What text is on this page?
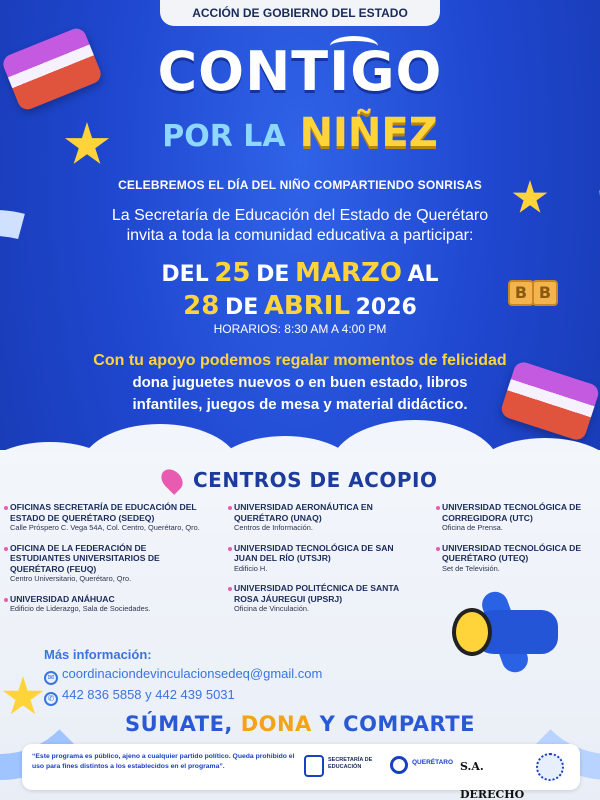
B B
ACCIÓN DE GOBIERNO DEL ESTADO
CONTIGO
POR LA NIÑEZ
CELEBREMOS EL DÍA DEL NIÑO COMPARTIENDO SONRISAS
La Secretaría de Educación del Estado de Querétaro
invita a toda la comunidad educativa a participar:
DEL 25 DE MARZO AL
28 DE ABRIL 2026
HORARIOS: 8:30 AM A 4:00 PM
Con tu apoyo podemos regalar momentos de felicidad
dona juguetes nuevos o en buen estado, libros
infantiles, juegos de mesa y material didáctico.
CENTROS DE ACOPIO
OFICINAS SECRETARÍA DE EDUCACIÓN DEL ESTADO DE QUERÉTARO (SEDEQ)
Calle Próspero C. Vega 54A, Col. Centro, Querétaro, Qro.
OFICINA DE LA FEDERACIÓN DE ESTUDIANTES UNIVERSITARIOS DE QUERÉTARO (FEUQ)
Centro Universitario, Querétaro, Qro.
UNIVERSIDAD ANÁHUAC
Edificio de Liderazgo, Sala de Sociedades.
UNIVERSIDAD AERONÁUTICA EN QUERÉTARO (UNAQ)
Centros de Información.
UNIVERSIDAD TECNOLÓGICA DE SAN JUAN DEL RÍO (UTSJR)
Edificio H.
UNIVERSIDAD POLITÉCNICA DE SANTA ROSA JÁUREGUI (UPSRJ)
Oficina de Vinculación.
UNIVERSIDAD TECNOLÓGICA DE CORREGIDORA (UTC)
Oficina de Prensa.
UNIVERSIDAD TECNOLÓGICA DE QUERÉTARO (UTEQ)
Set de Televisión.
Más información:
✉ coordinaciondevinculacionsedeq@gmail.com
✆ 442 836 5858 y 442 439 5031
SÚMATE, DONA Y COMPARTE
“Este programa es público, ajeno a cualquier partido político. Queda prohibido el uso para fines distintos a los establecidos en el programa”.
SECRETARÍA DE EDUCACIÓN
QUERÉTARO S.A. DERECHO
